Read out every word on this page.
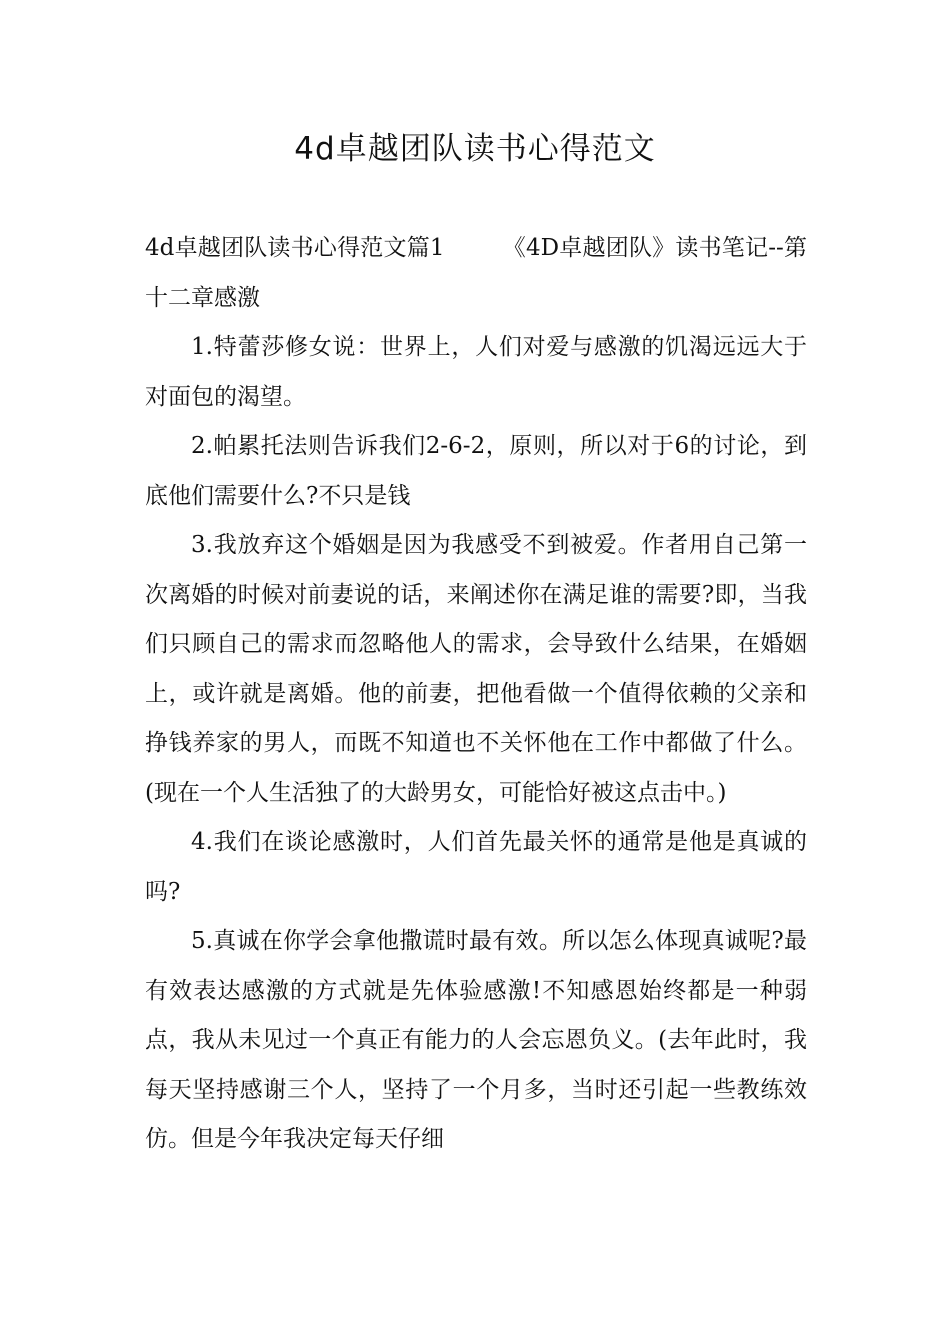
4d卓越团队读书心得范文

4d卓越团队读书心得范文篇1	《4D卓越团队》读书笔记--第十二章感激

1.特蕾莎修女说：世界上，人们对爱与感激的饥渴远远大于对面包的渴望。

2.帕累托法则告诉我们2-6-2，原则，所以对于6的讨论，到底他们需要什么?不只是钱

3.我放弃这个婚姻是因为我感受不到被爱。作者用自己第一次离婚的时候对前妻说的话，来阐述你在满足谁的需要?即，当我们只顾自己的需求而忽略他人的需求，会导致什么结果，在婚姻上，或许就是离婚。他的前妻，把他看做一个值得依赖的父亲和挣钱养家的男人，而既不知道也不关怀他在工作中都做了什么。(现在一个人生活独了的大龄男女，可能恰好被这点击中。)

4.我们在谈论感激时，人们首先最关怀的通常是他是真诚的吗?

5.真诚在你学会拿他撒谎时最有效。所以怎么体现真诚呢?最有效表达感激的方式就是先体验感激!不知感恩始终都是一种弱点，我从未见过一个真正有能力的人会忘恩负义。(去年此时，我每天坚持感谢三个人，坚持了一个月多，当时还引起一些教练效仿。但是今年我决定每天仔细
